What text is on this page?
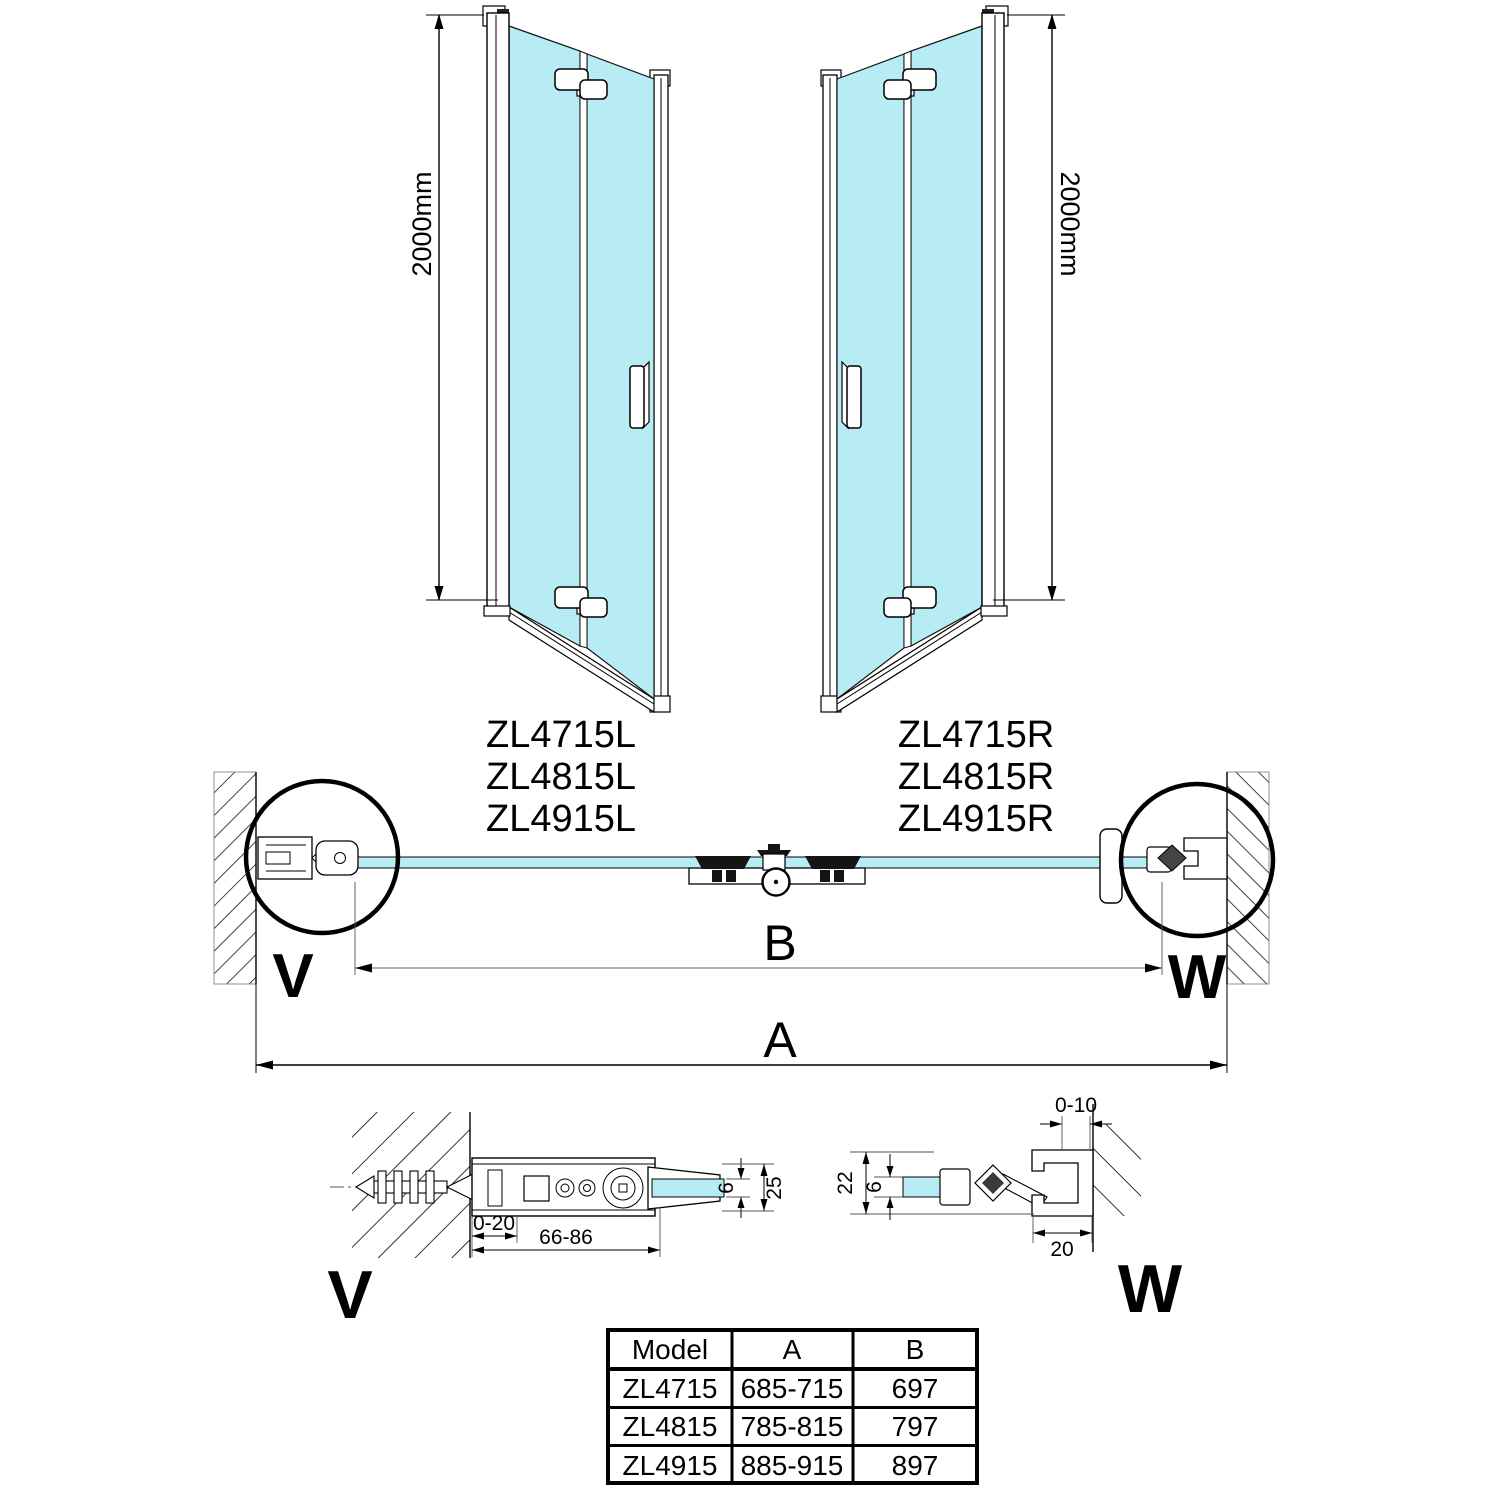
2000mm	2000mm
ZL4715L
ZL4815L
ZL4915L
ZL4715R
ZL4815R
ZL4915R
V	W
B
A
0-20
66-86
6 25
V
0-10
22 6
20
W
Model	A	B
ZL4715 685-715 697
ZL4815 785-815 797
ZL4915 885-915 897
